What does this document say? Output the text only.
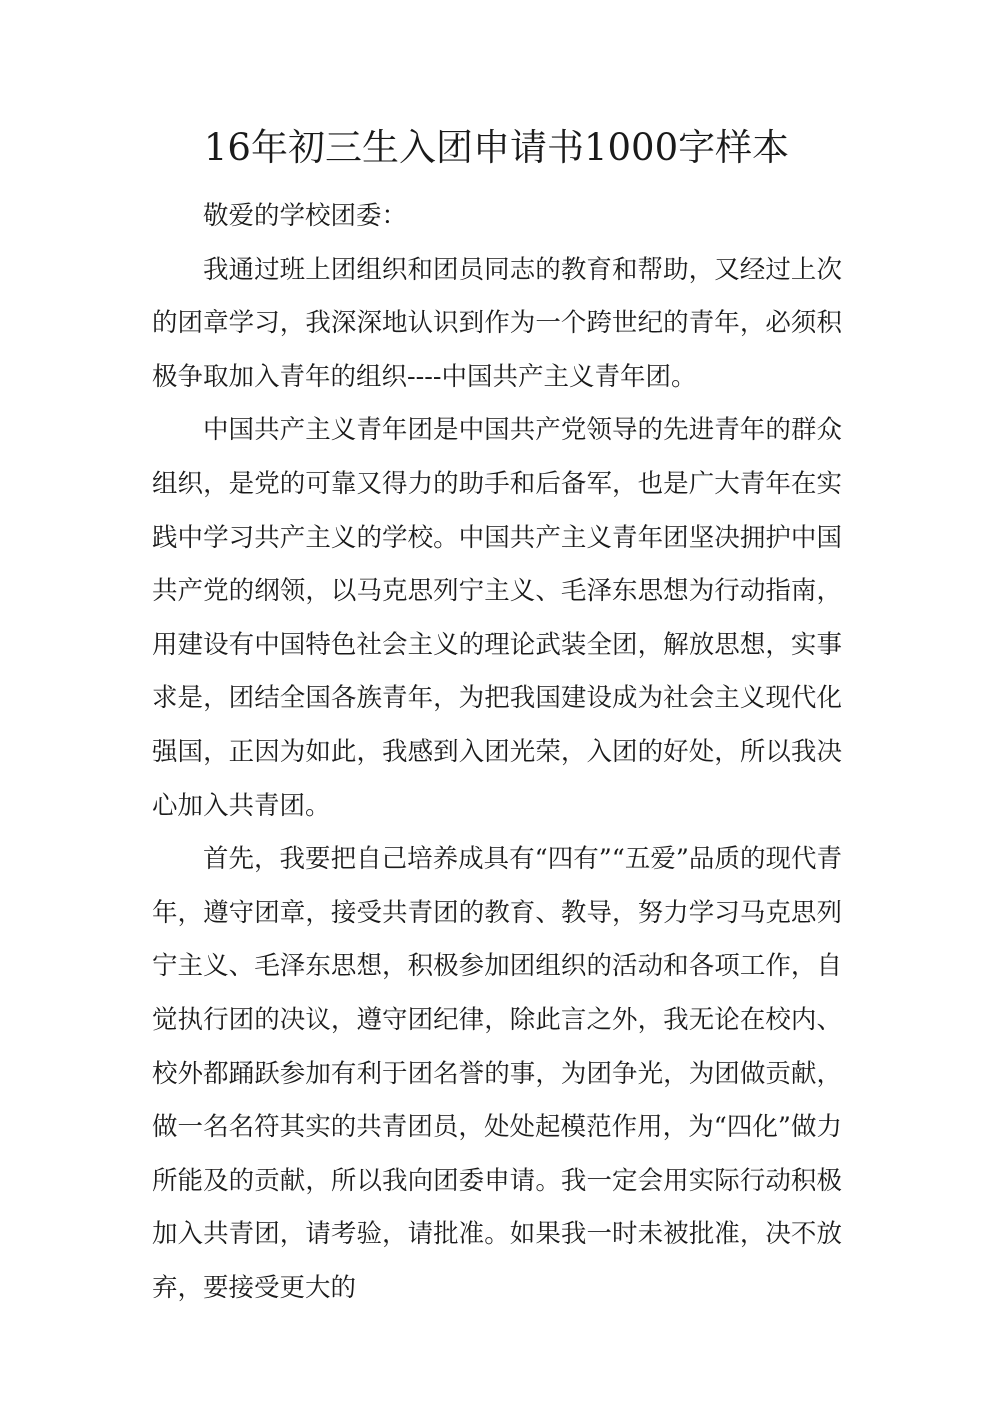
16年初三生入团申请书1000字样本

敬爱的学校团委：

我通过班上团组织和团员同志的教育和帮助，又经过上次的团章学习，我深深地认识到作为一个跨世纪的青年，必须积极争取加入青年的组织----中国共产主义青年团。

中国共产主义青年团是中国共产党领导的先进青年的群众组织，是党的可靠又得力的助手和后备军，也是广大青年在实践中学习共产主义的学校。中国共产主义青年团坚决拥护中国共产党的纲领，以马克思列宁主义、毛泽东思想为行动指南，用建设有中国特色社会主义的理论武装全团，解放思想，实事求是，团结全国各族青年，为把我国建设成为社会主义现代化强国，正因为如此，我感到入团光荣，入团的好处，所以我决心加入共青团。

首先，我要把自己培养成具有“四有”“五爱”品质的现代青年，遵守团章，接受共青团的教育、教导，努力学习马克思列宁主义、毛泽东思想，积极参加团组织的活动和各项工作，自觉执行团的决议，遵守团纪律，除此言之外，我无论在校内、校外都踊跃参加有利于团名誉的事，为团争光，为团做贡献，做一名名符其实的共青团员，处处起模范作用，为“四化”做力所能及的贡献，所以我向团委申请。我一定会用实际行动积极加入共青团，请考验，请批准。如果我一时未被批准，决不放弃，要接受更大的
